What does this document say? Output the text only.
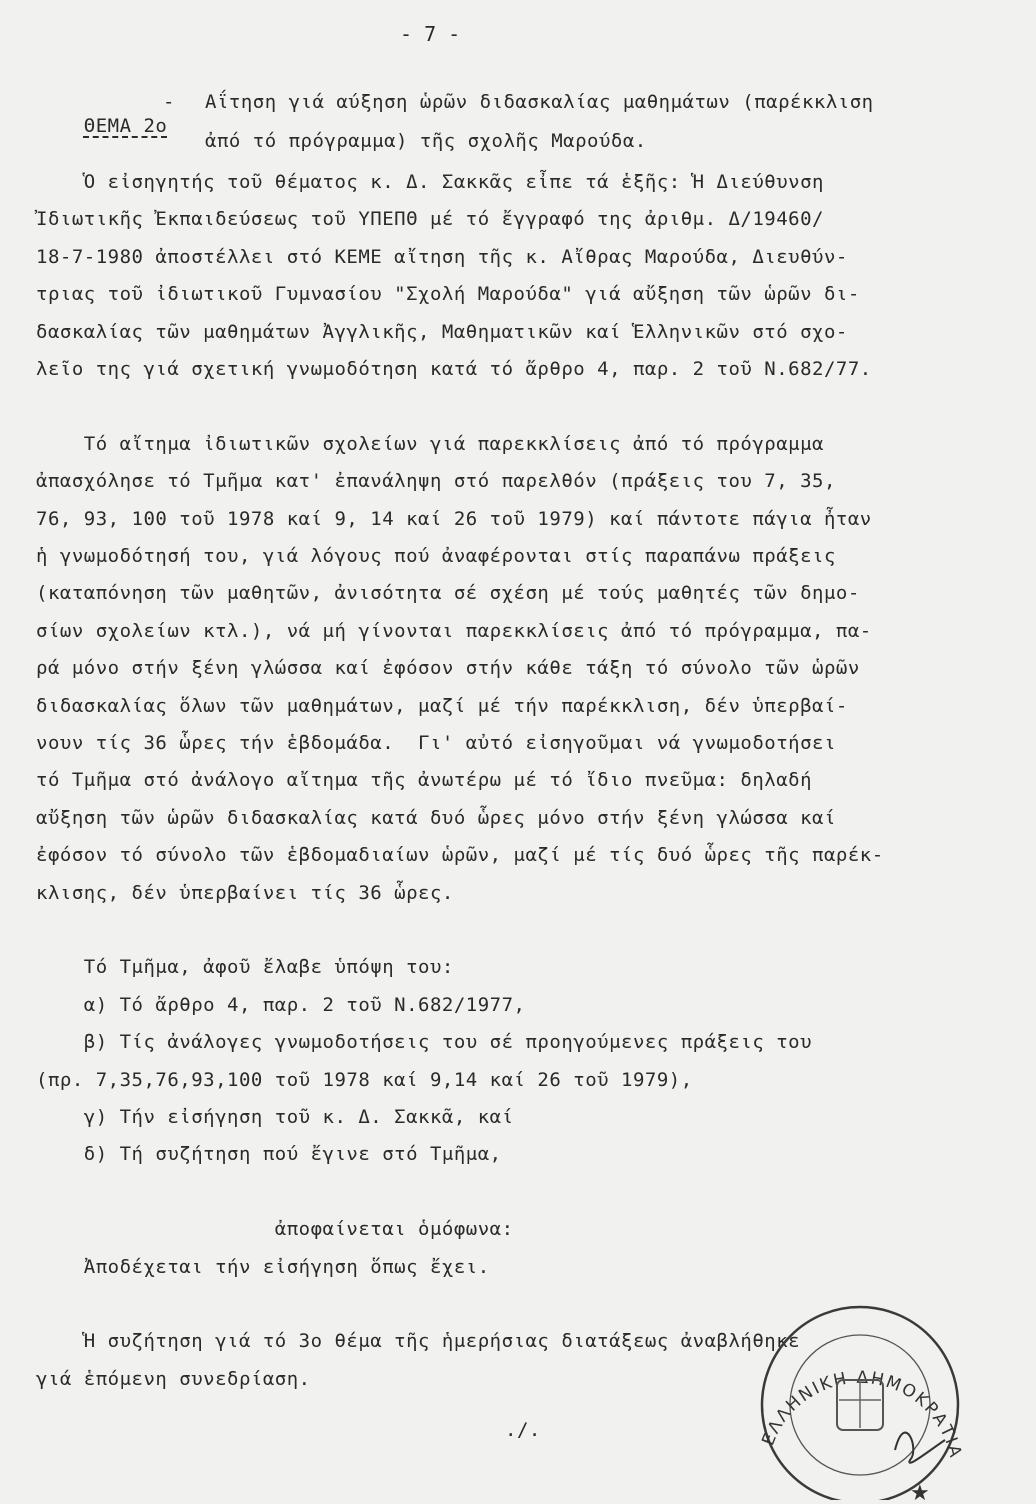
- 7 -

ΘΕΜΑ 2ο

- Αΐτηση γιά αύξηση ὡρῶν διδασκαλίας μαθημάτων (παρέκκλιση
ἀπό τό πρόγραμμα) τῆς σχολῆς Μαρούδα.
Ὁ εἰσηγητής τοῦ θέματος κ. Δ. Σακκᾶς εἶπε τά ἑξῆς: Ἡ Διεύθυνση
Ἰδιωτικῆς Ἐκπαιδεύσεως τοῦ ΥΠΕΠΘ μέ τό ἔγγραφό της ἀριθμ. Δ/19460/
18-7-1980 ἀποστέλλει στό ΚΕΜΕ αἴτηση τῆς κ. Αἴθρας Μαρούδα, Διευθύν-
τριας τοῦ ἰδιωτικοῦ Γυμνασίου "Σχολή Μαρούδα" γιά αὔξηση τῶν ὡρῶν δι-
δασκαλίας τῶν μαθημάτων Ἀγγλικῆς, Μαθηματικῶν καί Ἑλληνικῶν στό σχο-
λεῖο της γιά σχετική γνωμοδότηση κατά τό ἄρθρο 4, παρ. 2 τοῦ Ν.682/77.
Τό αἴτημα ἰδιωτικῶν σχολείων γιά παρεκκλίσεις ἀπό τό πρόγραμμα
ἀπασχόλησε τό Τμῆμα κατ' ἐπανάληψη στό παρελθόν (πράξεις του 7, 35,
76, 93, 100 τοῦ 1978 καί 9, 14 καί 26 τοῦ 1979) καί πάντοτε πάγια ἦταν
ἡ γνωμοδότησή του, γιά λόγους πού ἀναφέρονται στίς παραπάνω πράξεις
(καταπόνηση τῶν μαθητῶν, ἀνισότητα σέ σχέση μέ τούς μαθητές τῶν δημο-
σίων σχολείων κτλ.), νά μή γίνονται παρεκκλίσεις ἀπό τό πρόγραμμα, πα-
ρά μόνο στήν ξένη γλώσσα καί ἐφόσον στήν κάθε τάξη τό σύνολο τῶν ὡρῶν
διδασκαλίας ὅλων τῶν μαθημάτων, μαζί μέ τήν παρέκκλιση, δέν ὑπερβαί-
νουν τίς 36 ὧρες τήν ἑβδομάδα.  Γι' αὐτό εἰσηγοῦμαι νά γνωμοδοτήσει
τό Τμῆμα στό ἀνάλογο αἴτημα τῆς ἀνωτέρω μέ τό ἴδιο πνεῦμα: δηλαδή
αὔξηση τῶν ὡρῶν διδασκαλίας κατά δυό ὧρες μόνο στήν ξένη γλώσσα καί
ἐφόσον τό σύνολο τῶν ἑβδομαδιαίων ὡρῶν, μαζί μέ τίς δυό ὧρες τῆς παρέκ-
κλισης, δέν ὑπερβαίνει τίς 36 ὧρες.
Τό Τμῆμα, ἀφοῦ ἔλαβε ὑπόψη του:
α) Τό ἄρθρο 4, παρ. 2 τοῦ Ν.682/1977,
β) Τίς ἀνάλογες γνωμοδοτήσεις του σέ προηγούμενες πράξεις του
(πρ. 7,35,76,93,100 τοῦ 1978 καί 9,14 καί 26 τοῦ 1979),
γ) Τήν εἰσήγηση τοῦ κ. Δ. Σακκᾶ, καί
δ) Τή συζήτηση πού ἔγινε στό Τμῆμα,
ἀποφαίνεται ὁμόφωνα:
Ἀποδέχεται τήν εἰσήγηση ὅπως ἔχει.
Ἡ συζήτηση γιά τό 3ο θέμα τῆς ἡμερήσιας διατάξεως ἀναβλήθηκε
γιά ἑπόμενη συνεδρίαση.
./.	ΕΛΛΗΝΙΚΗ ΔΗΜΟΚΡΑΤΙΑ
★
